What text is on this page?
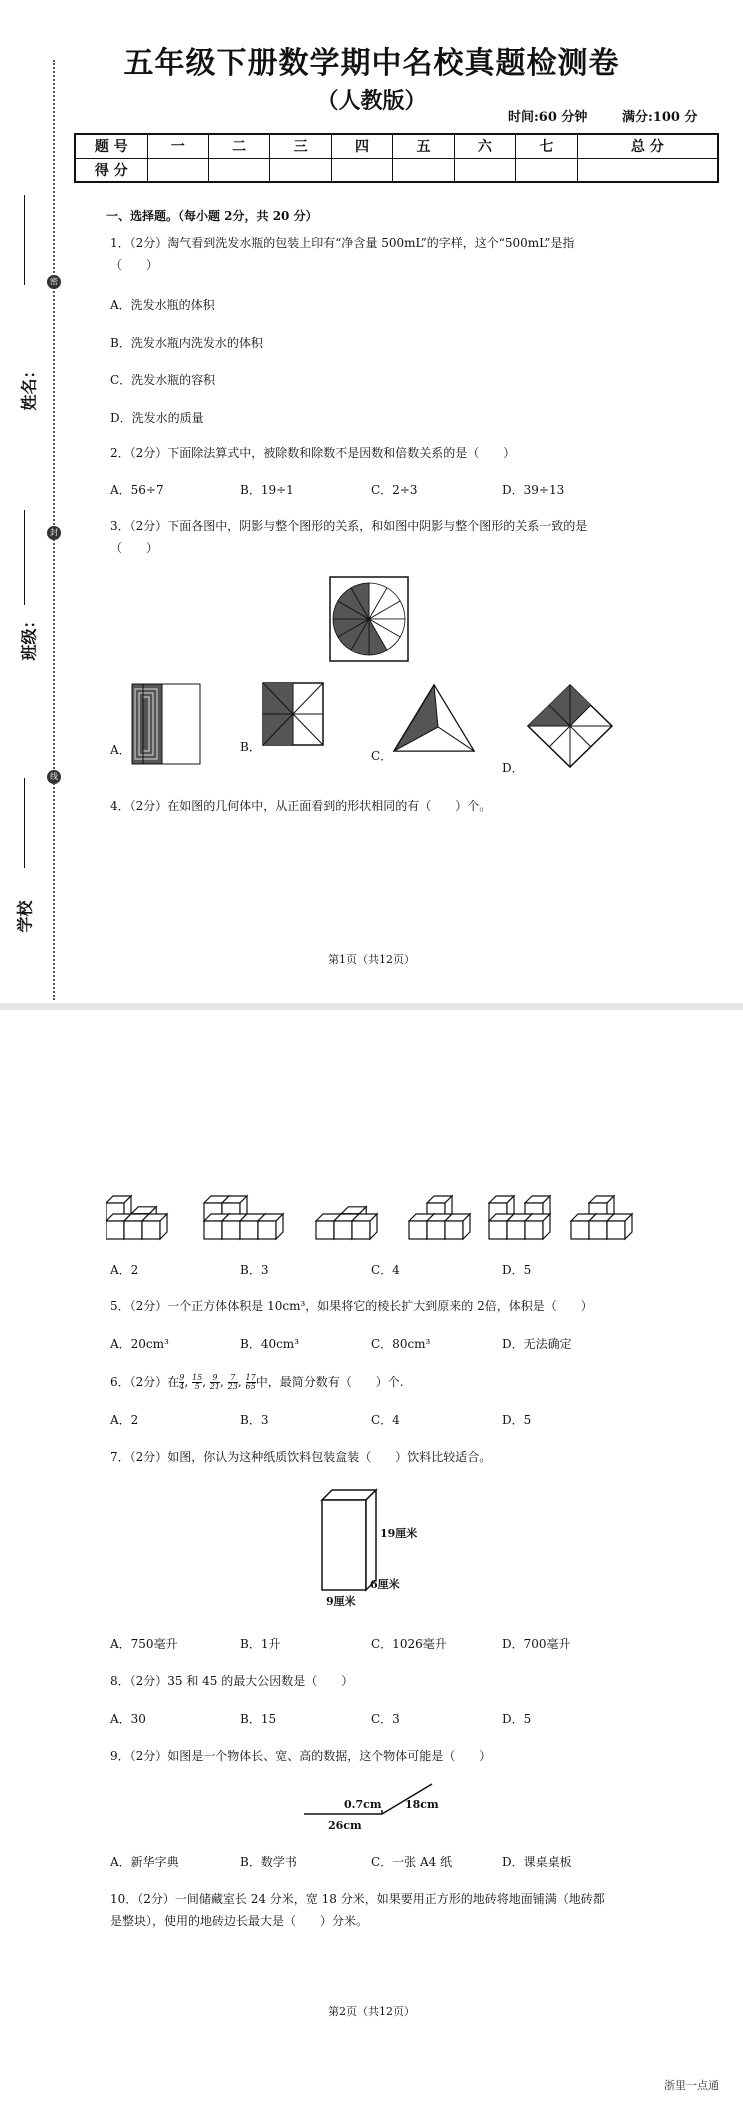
姓名：
班级：
学校
密
封
线
五年级下册数学期中名校真题检测卷
（人教版）
时间:60 分钟	满分:100 分
题 号	一	二	三	四	五	六	七	总 分
得 分								
一、选择题。（每小题 2分，共 20 分）
1．（2分）淘气看到洗发水瓶的包装上印有“净含量 500mL”的字样，这个“500mL”是指
（　　）
A．洗发水瓶的体积
B．洗发水瓶内洗发水的体积
C．洗发水瓶的容积
D．洗发水的质量
2．（2分）下面除法算式中，被除数和除数不是因数和倍数关系的是（　　）
A．56÷7	B．19÷1	C．2÷3	D．39÷13
3．（2分）下面各图中，阴影与整个图形的关系，和如图中阴影与整个图形的关系一致的是
（　　）
A．	B．
C．
D．
4．（2分）在如图的几何体中，从正面看到的形状相同的有（　　）个。
第1页（共12页）
A．2	B．3	C．4	D．5
5．（2分）一个正方体体积是 10cm³，如果将它的棱长扩大到原来的 2倍，体积是（　　）
A．20cm³	B．40cm³	C．80cm³	D．无法确定
6．（2分）在 $\frac{9}{4}$ , $\frac{15}{5}$ , $\frac{9}{21}$ , $\frac{7}{23}$ , $\frac{17}{65}$ 中，最简分数有（　　）个.
A．2	B．3	C．4	D．5
7．（2分）如图，你认为这种纸质饮料包装盒装（　　）饮料比较适合。
19厘米
6厘米
9厘米
A．750毫升	B．1升	C．1026毫升	D．700毫升
8．（2分）35 和 45 的最大公因数是（　　）
A．30	B．15	C．3	D．5
9．（2分）如图是一个物体长、宽、高的数据，这个物体可能是（　　）
0.7cm 18cm
26cm
A．新华字典	B．数学书	C．一张 A4 纸	D．课桌桌板
10．（2分）一间储藏室长 24 分米，宽 18 分米，如果要用正方形的地砖将地面铺满（地砖都
是整块），使用的地砖边长最大是（　　）分米。
第2页（共12页）
浙里一点通
